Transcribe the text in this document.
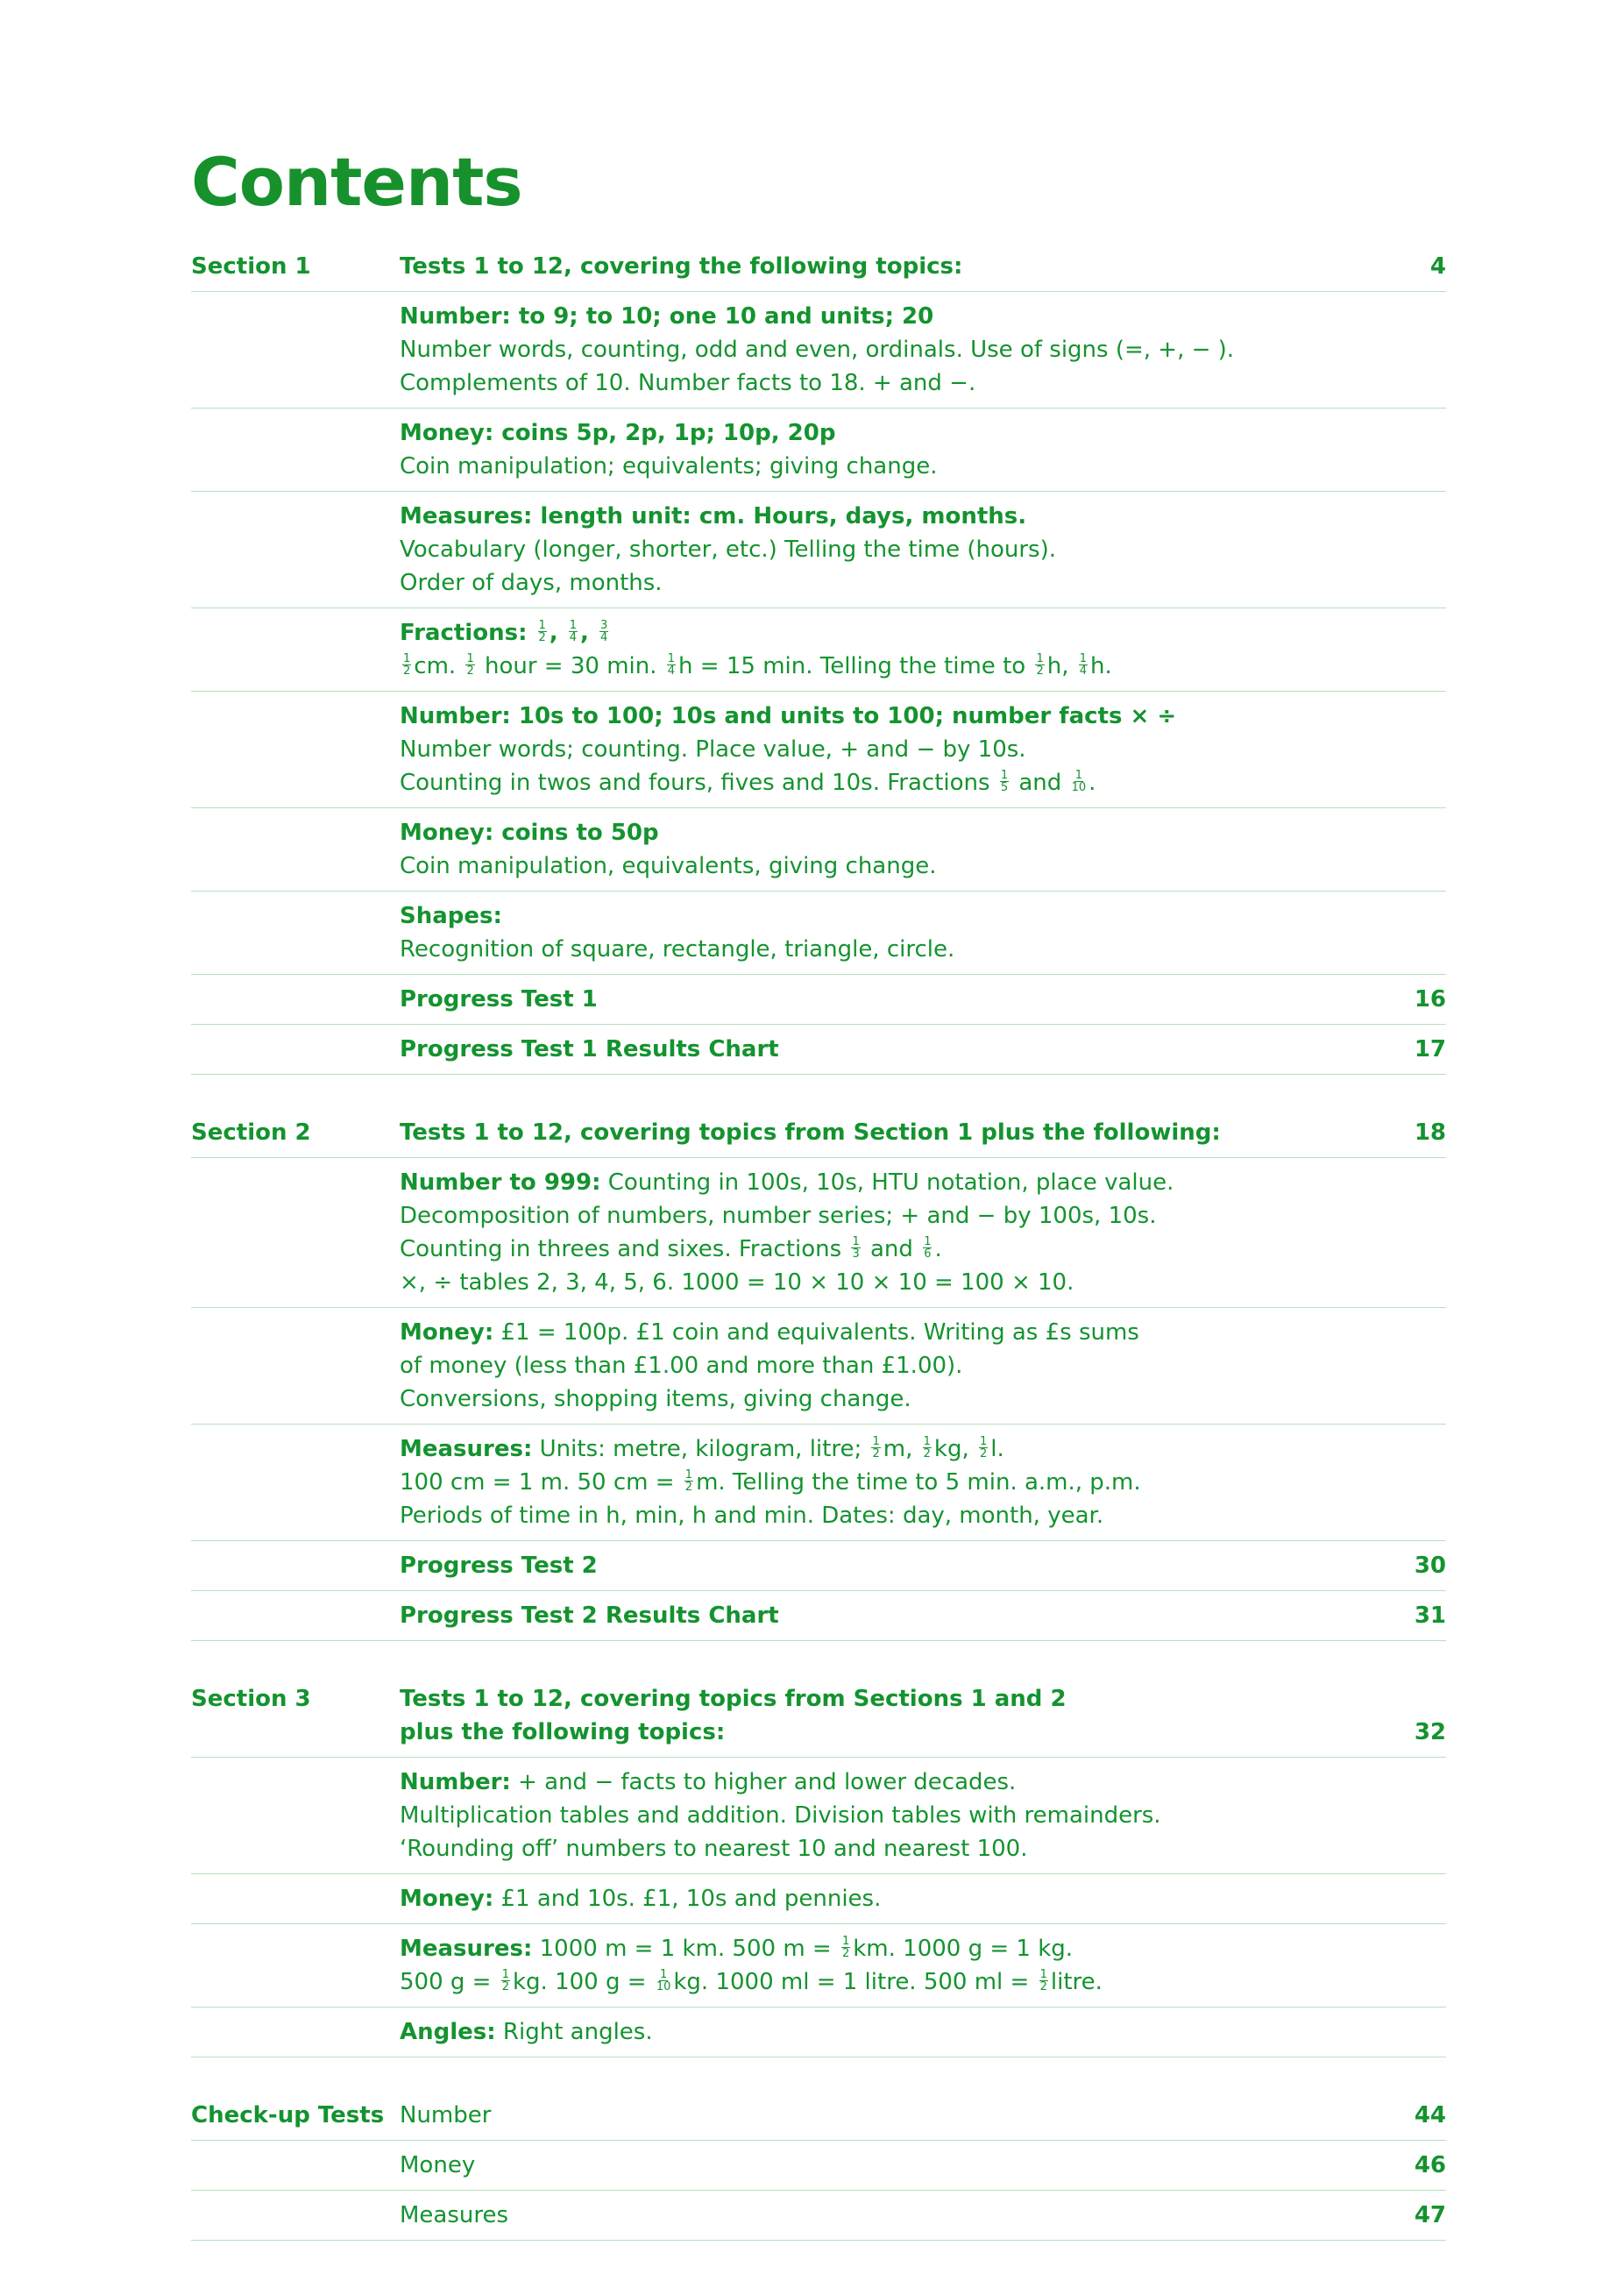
Contents
Section 1	Tests 1 to 12, covering the following topics:	4
Number: to 9; to 10; one 10 and units; 20
Number words, counting, odd and even, ordinals. Use of signs (=, +, − ).
Complements of 10. Number facts to 18. + and −.
Money: coins 5p, 2p, 1p; 10p, 20p
Coin manipulation; equivalents; giving change.
Measures: length unit: cm. Hours, days, months.
Vocabulary (longer, shorter, etc.) Telling the time (hours).
Order of days, months.
Fractions: $\frac{1}{2}$ , $\frac{1}{4}$ , $\frac{3}{4}$
$\frac{1}{2}$ cm. $\frac{1}{2}$ hour = 30 min. $\frac{1}{4}$ h = 15 min. Telling the time to $\frac{1}{2} h$, $\frac{1}{4} h$.
Number: 10s to 100; 10s and units to 100; number facts × ÷
Number words; counting. Place value, + and − by 10s.
Counting in twos and fours, fives and 10s. Fractions $\frac{1}{5}$ and $\frac{1}{10}$ .
Money: coins to 50p
Coin manipulation, equivalents, giving change.
Shapes:
Recognition of square, rectangle, triangle, circle.
Progress Test 1	16
Progress Test 1 Results Chart	17
Section 2	Tests 1 to 12, covering topics from Section 1 plus the following:	18
Number to 999: Counting in 100s, 10s, HTU notation, place value.
Decomposition of numbers, number series; + and − by 100s, 10s.
Counting in threes and sixes. Fractions $\frac{1}{3}$ and $\frac{1}{6}$ .
×, ÷ tables 2, 3, 4, 5, 6. 1000 = 10 × 10 × 10 = 100 × 10.
Money: £1 = 100p. £1 coin and equivalents. Writing as £s sums
of money (less than £1.00 and more than £1.00).
Conversions, shopping items, giving change.
Measures: Units: metre, kilogram, litre; $\frac{1}{2} m$, $\frac{1}{2}$ kg, $\frac{1}{2} l$.
100 cm = 1 m. 50 cm = $\frac{1}{2} m$. Telling the time to 5 min. a.m., p.m.
Periods of time in h, min, h and min. Dates: day, month, year.
Progress Test 2	30
Progress Test 2 Results Chart	31
Section 3	Tests 1 to 12, covering topics from Sections 1 and 2
plus the following topics:	32
Number: + and − facts to higher and lower decades.
Multiplication tables and addition. Division tables with remainders.
‘Rounding off’ numbers to nearest 10 and nearest 100.
Money: £1 and 10s. £1, 10s and pennies.
Measures: 1000 m = 1 km. 500 $m = \frac{1}{2}$ km. 1000 g = 1 kg.
500 $g = \frac{1}{2}$ kg. 100 $g = \frac{1}{10}$ kg. 1000 ml = 1 litre. 500 ml = $\frac{1}{2}$ litre.
Angles: Right angles.
Check-up Tests Number	44
Money	46
Measures	47
